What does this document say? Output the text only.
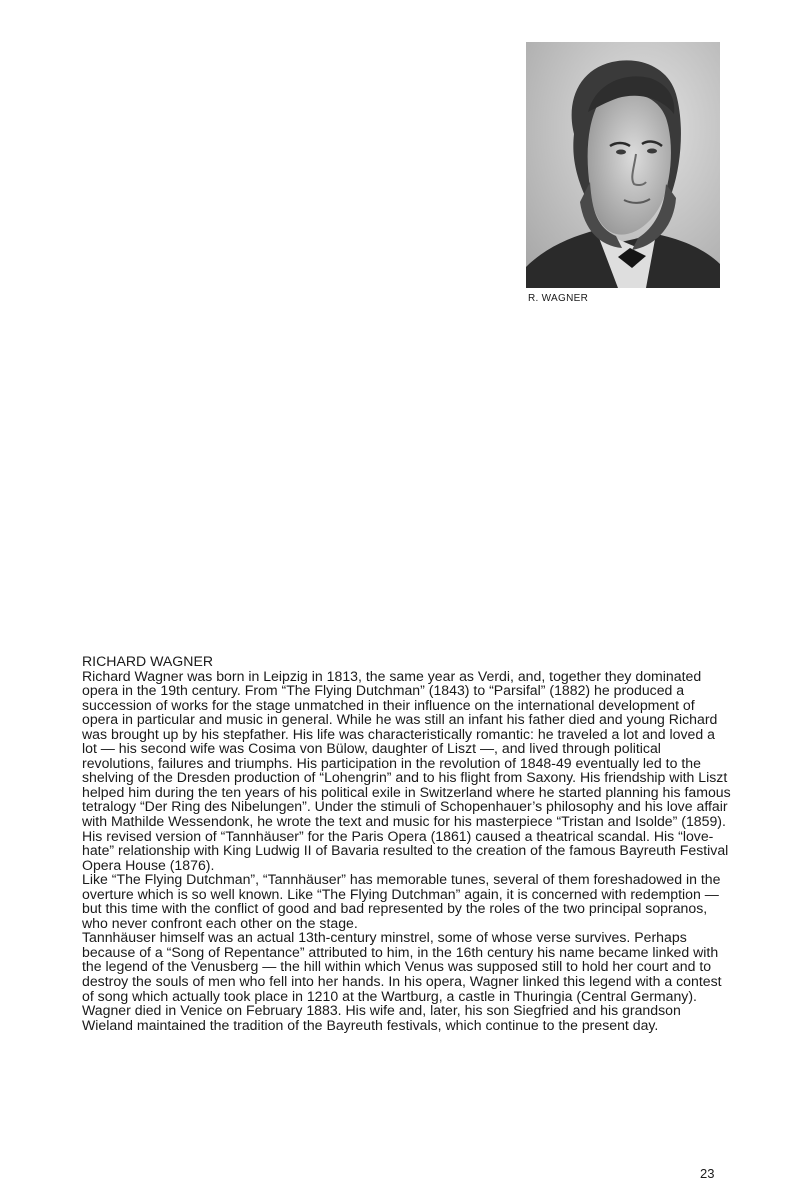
R. WAGNER

RICHARD WAGNER

Richard Wagner was born in Leipzig in 1813, the same year as Verdi, and, together they dominated opera in the 19th century. From “The Flying Dutchman” (1843) to “Parsifal” (1882) he produced a succession of works for the stage unmatched in their influence on the international development of opera in particular and music in general. While he was still an infant his father died and young Richard was brought up by his stepfather. His life was characteristically romantic: he traveled a lot and loved a lot — his second wife was Cosima von Bülow, daughter of Liszt —, and lived through political revolutions, failures and triumphs. His participation in the revolution of 1848-49 eventually led to the shelving of the Dresden production of “Lohengrin” and to his flight from Saxony. His friendship with Liszt helped him during the ten years of his political exile in Switzerland where he started planning his famous tetralogy “Der Ring des Nibelungen”. Under the stimuli of Schopenhauer’s philosophy and his love affair with Mathilde Wessendonk, he wrote the text and music for his masterpiece “Tristan and Isolde” (1859). His revised version of “Tannhäuser” for the Paris Opera (1861) caused a theatrical scandal. His “love-hate” relationship with King Ludwig II of Bavaria resulted to the creation of the famous Bayreuth Festival Opera House (1876).

Like “The Flying Dutchman”, “Tannhäuser” has memorable tunes, several of them foreshadowed in the overture which is so well known. Like “The Flying Dutchman” again, it is concerned with redemption — but this time with the conflict of good and bad represented by the roles of the two principal sopranos, who never confront each other on the stage.

Tannhäuser himself was an actual 13th-century minstrel, some of whose verse survives. Perhaps because of a “Song of Repentance” attributed to him, in the 16th century his name became linked with the legend of the Venusberg — the hill within which Venus was supposed still to hold her court and to destroy the souls of men who fell into her hands. In his opera, Wagner linked this legend with a contest of song which actually took place in 1210 at the Wartburg, a castle in Thuringia (Central Germany).

Wagner died in Venice on February 1883. His wife and, later, his son Siegfried and his grandson Wieland maintained the tradition of the Bayreuth festivals, which continue to the present day.

23
